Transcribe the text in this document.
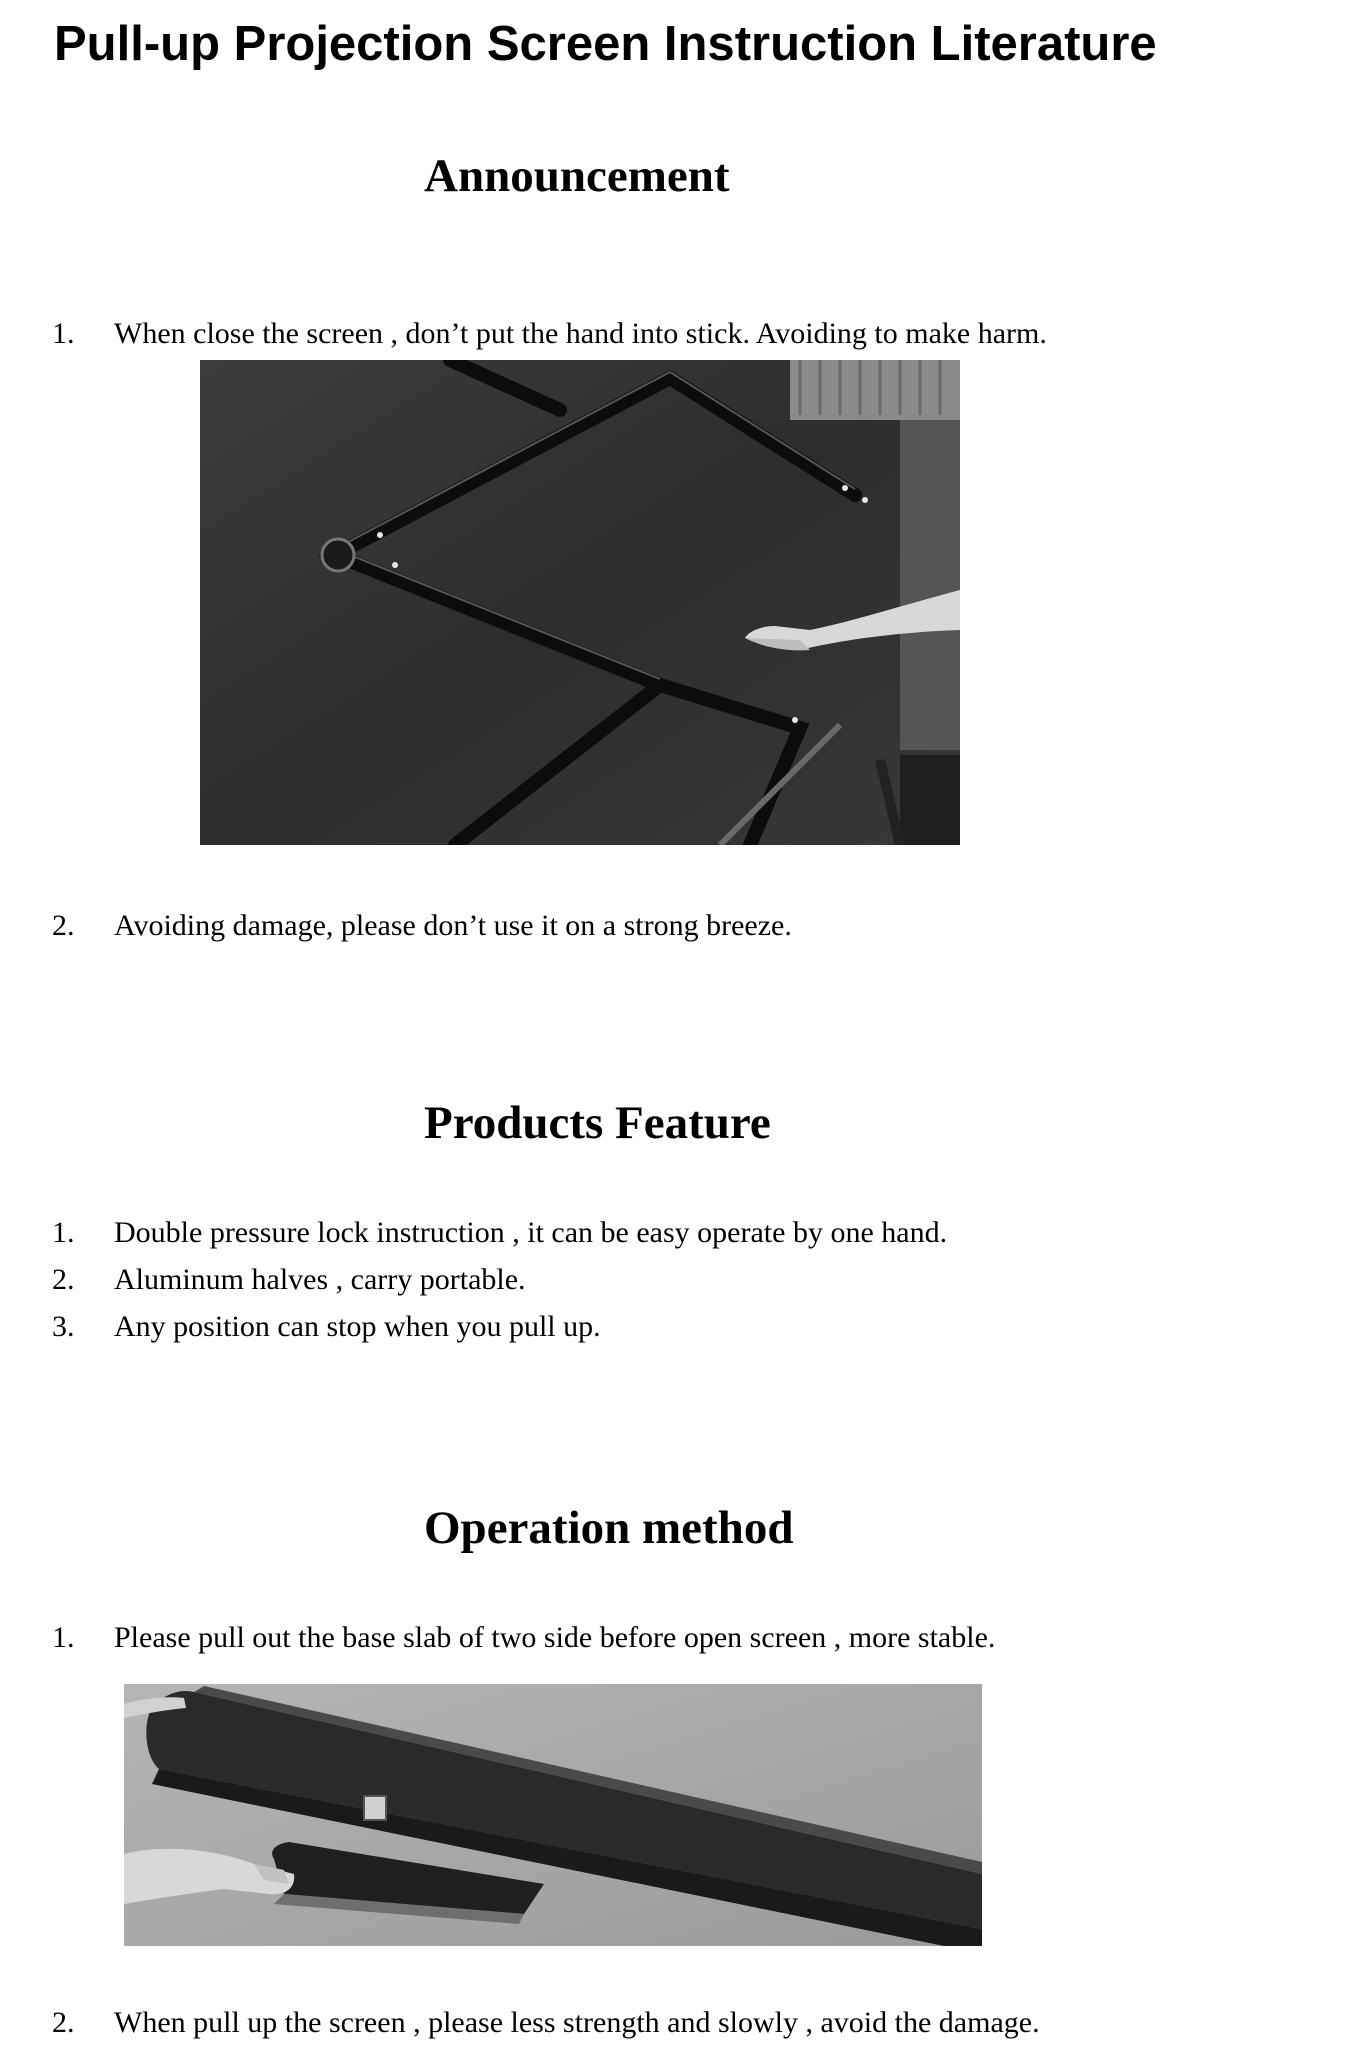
Pull-up Projection Screen Instruction Literature
Announcement
1.	When close the screen , don’t put the hand into stick. Avoiding to make harm.
2.	Avoiding damage, please don’t use it on a strong breeze.
Products Feature
1.	Double pressure lock instruction , it can be easy operate by one hand.
2.	Aluminum halves , carry portable.
3.	Any position can stop when you pull up.
Operation method
1.	Please pull out the base slab of two side before open screen , more stable.
2.	When pull up the screen , please less strength and slowly , avoid the damage.
